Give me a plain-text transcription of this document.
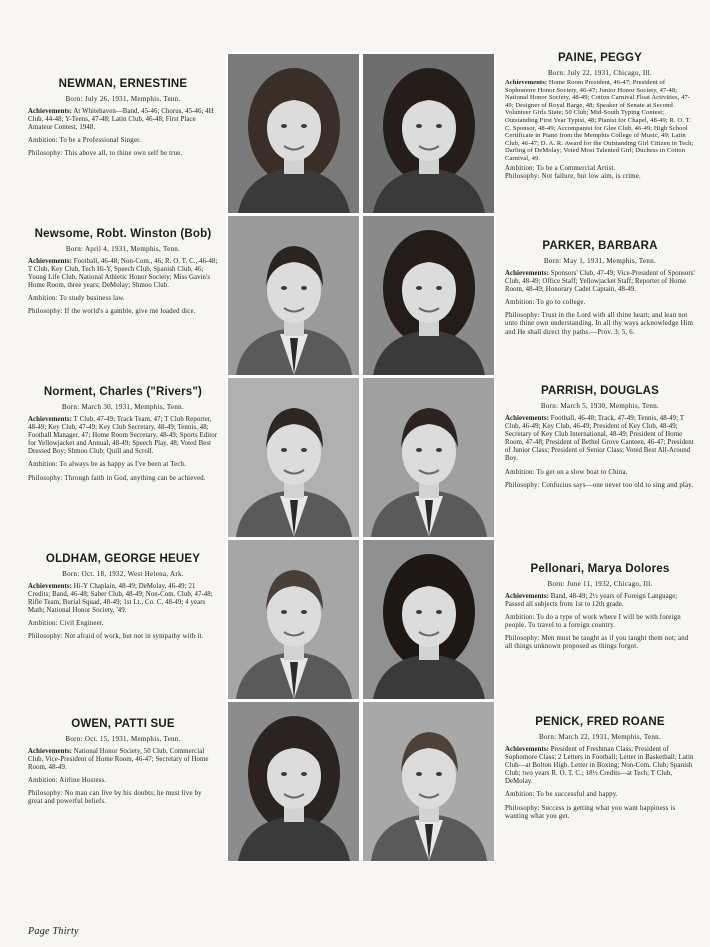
NEWMAN, ERNESTINE
Born: July 26, 1931, Memphis, Tenn.
Achievements: At Whitehaven—Band, 45-46; Chorus, 45-46; 4H Club, 44-48; Y-Teens, 47-48; Latin Club, 46-48; First Place Amateur Contest, 1948.
Ambition: To be a Professional Singer.
Philosophy: This above all, to thine own self be true.
Newsome, Robt. Winston (Bob)
Born: April 4, 1931, Memphis, Tenn.
Achievements: Football, 46-48; Non-Com., 46; R. O. T. C., 46-48; T Club, Key Club, Tech Hi-Y, Speech Club, Spanish Club, 46; Young Life Club, National Athletic Honor Society; Miss Gavin's Home Room, three years; DeMolay; Shmoo Club.
Ambition: To study business law.
Philosophy: If the world's a gamble, give me loaded dice.
Norment, Charles ("Rivers")
Born: March 30, 1931, Memphis, Tenn.
Achievements: T Club, 47-49; Track Team, 47; T Club Reporter, 48-49; Key Club, 47-49; Key Club Secretary, 48-49; Tennis, 48; Football Manager, 47; Home Room Secretary, 48-49; Sports Editor for Yellowjacket and Annual, 48-49; Speech Play, 48; Voted Best Dressed Boy; Shmoo Club; Quill and Scroll.
Ambition: To always be as happy as I've been at Tech.
Philosophy: Through faith in God, anything can be achieved.
OLDHAM, GEORGE HEUEY
Born: Oct. 18, 1932, West Helena, Ark.
Achievements: Hi-Y Chaplain, 48-49; DeMolay, 46-49; 21 Credits; Band, 46-48; Saber Club, 48-49; Non-Com. Club, 47-48; Rifle Team, Burial Squad, 48-49; 1st Lt., Co. C, 48-49; 4 years Math; National Honor Society, '49.
Ambition: Civil Engineer.
Philosophy: Not afraid of work, but not in sympathy with it.
OWEN, PATTI SUE
Born: Oct. 15, 1931, Memphis, Tenn.
Achievements: National Honor Society, 50 Club, Commercial Club, Vice-President of Home Room, 46-47; Secretary of Home Room, 48-49.
Ambition: Airline Hostess.
Philosophy: No man can live by his doubts; he must live by great and powerful beliefs.
PAINE, PEGGY
Born: July 22, 1931, Chicago, Ill.
Achievements: Home Room President, 46-47; President of Sophomore Honor Society, 46-47; Junior Honor Society, 47-48; National Honor Society, 48-49; Cotton Carnival Float Activities, 47-49; Designer of Royal Barge, 48; Speaker of Senate at Second Volunteer Girls State; 50 Club; Mid-South Typing Contest; Outstanding First Year Typist, 48; Pianist for Chapel, 48-49; R. O. T. C. Sponsor, 48-49; Accompanist for Glee Club, 46-49; High School Certificate in Piano from the Memphis College of Music, 49; Latin Club, 46-47; D. A. R. Award for the Outstanding Girl Citizen in Tech; Darling of DeMolay; Voted Most Talented Girl; Duchess in Cotton Carnival, 49.
Ambition: To be a Commercial Artist.
Philosophy: Not failure, but low aim, is crime.
PARKER, BARBARA
Born: May 1, 1931, Memphis, Tenn.
Achievements: Sponsors' Club, 47-49; Vice-President of Sponsors' Club, 48-49; Office Staff; Yellowjacket Staff; Reporter of Home Room, 48-49; Honorary Cadet Captain, 48-49.
Ambition: To go to college.
Philosophy: Trust in the Lord with all thine heart; and lean not unto thine own understanding. In all thy ways acknowledge Him and He shall direct thy paths.—Prov. 3: 5, 6.
PARRISH, DOUGLAS
Born: March 5, 1930, Memphis, Tenn.
Achievements: Football, 46-48; Track, 47-49; Tennis, 48-49; T Club, 46-49; Key Club, 46-49; President of Key Club, 48-49; Secretary of Key Club International, 48-49; President of Home Room, 47-48; President of Bethel Grove Canteen, 46-47; President of Junior Class; President of Senior Class; Voted Best All-Around Boy.
Ambition: To get on a slow boat to China.
Philosophy: Confucius says—one never too old to sing and play.
Pellonari, Marya Dolores
Born: June 11, 1932, Chicago, Ill.
Achievements: Band, 48-49; 2½ years of Foreign Language; Passed all subjects from 1st to 12th grade.
Ambition: To do a type of work where I will be with foreign people. To travel to a foreign country.
Philosophy: Men must be taught as if you taught them not; and all things unknown proposed as things forgot.
PENICK, FRED ROANE
Born: March 22, 1931, Memphis, Tenn.
Achievements: President of Freshman Class; President of Sophomore Class; 2 Letters in Football; Letter in Basketball; Latin Club—at Bolton High. Letter in Boxing; Non-Com. Club; Spanish Club; two years R. O. T. C.; 18½ Credits—at Tech; T Club, DeMolay.
Ambition: To be successful and happy.
Philosophy: Success is getting what you want happiness is wanting what you get.
Page Thirty
